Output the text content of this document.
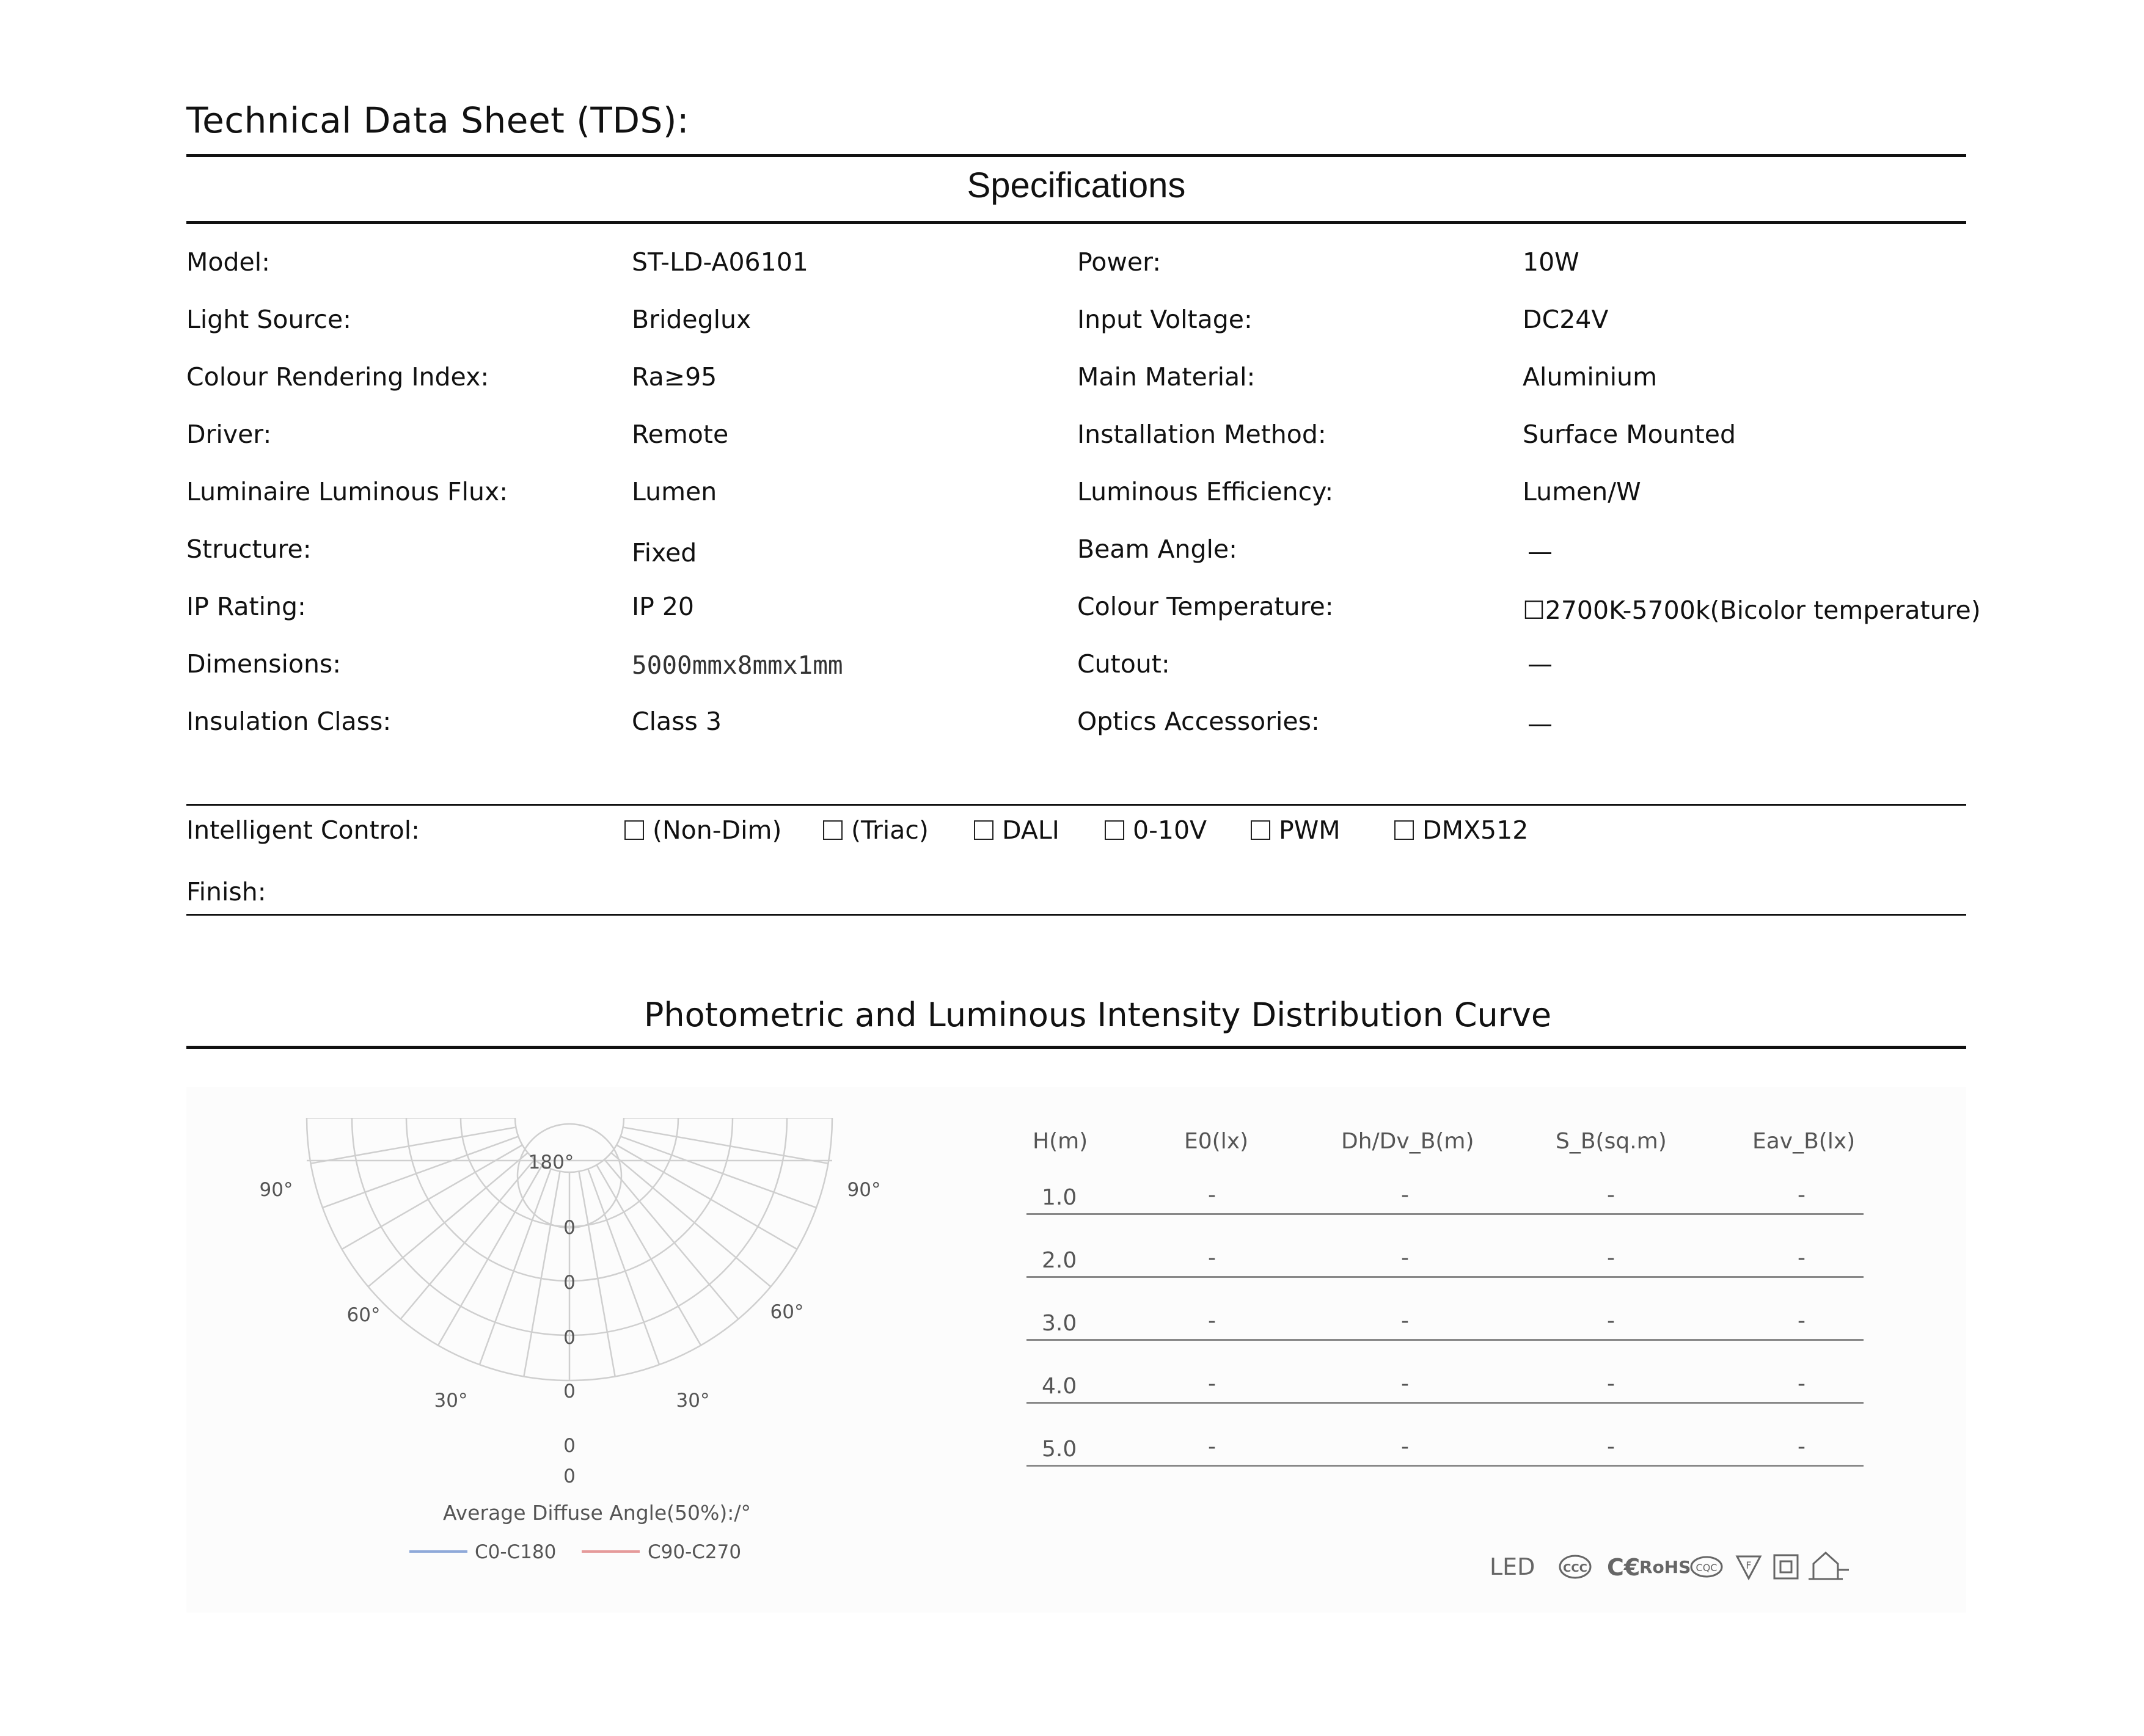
Technical Data Sheet (TDS):
Specifications
Model:	ST-LD-A06101	Power:	10W
Light Source:	Brideglux	Input Voltage:	DC24V
Colour Rendering Index:	Ra≥95	Main Material:	Aluminium
Driver:	Remote	Installation Method:	Surface Mounted
Luminaire Luminous Flux:	Lumen	Luminous Efficiency:	Lumen/W
Structure:	Fixed	Beam Angle:	—
IP Rating:	IP 20	Colour Temperature:	☐2700K-5700k(Bicolor temperature)
Dimensions:	5000mmx8mmx1mm	Cutout:	—
Insulation Class:	Class 3	Optics Accessories:	—
Intelligent Control:	(Non-Dim)	(Triac)	DALI	0-10V	PWM	DMX512
Finish:
Photometric and Luminous Intensity Distribution Curve
180°
90°	90°
60°	60°
30°	30°
0
0
0
0
0
0
Average Diffuse Angle(50%):/°
C0-C180	C90-C270
H(m)	E0(lx)	Dh/Dv_B(m)	S_B(sq.m)	Eav_B(lx)
1.0	-	-	-	-
2.0	-	-	-	-
3.0	-	-	-	-
4.0	-	-	-	-
5.0	-	-	-	-
LED	CCC C€
RoHS CQC	F
